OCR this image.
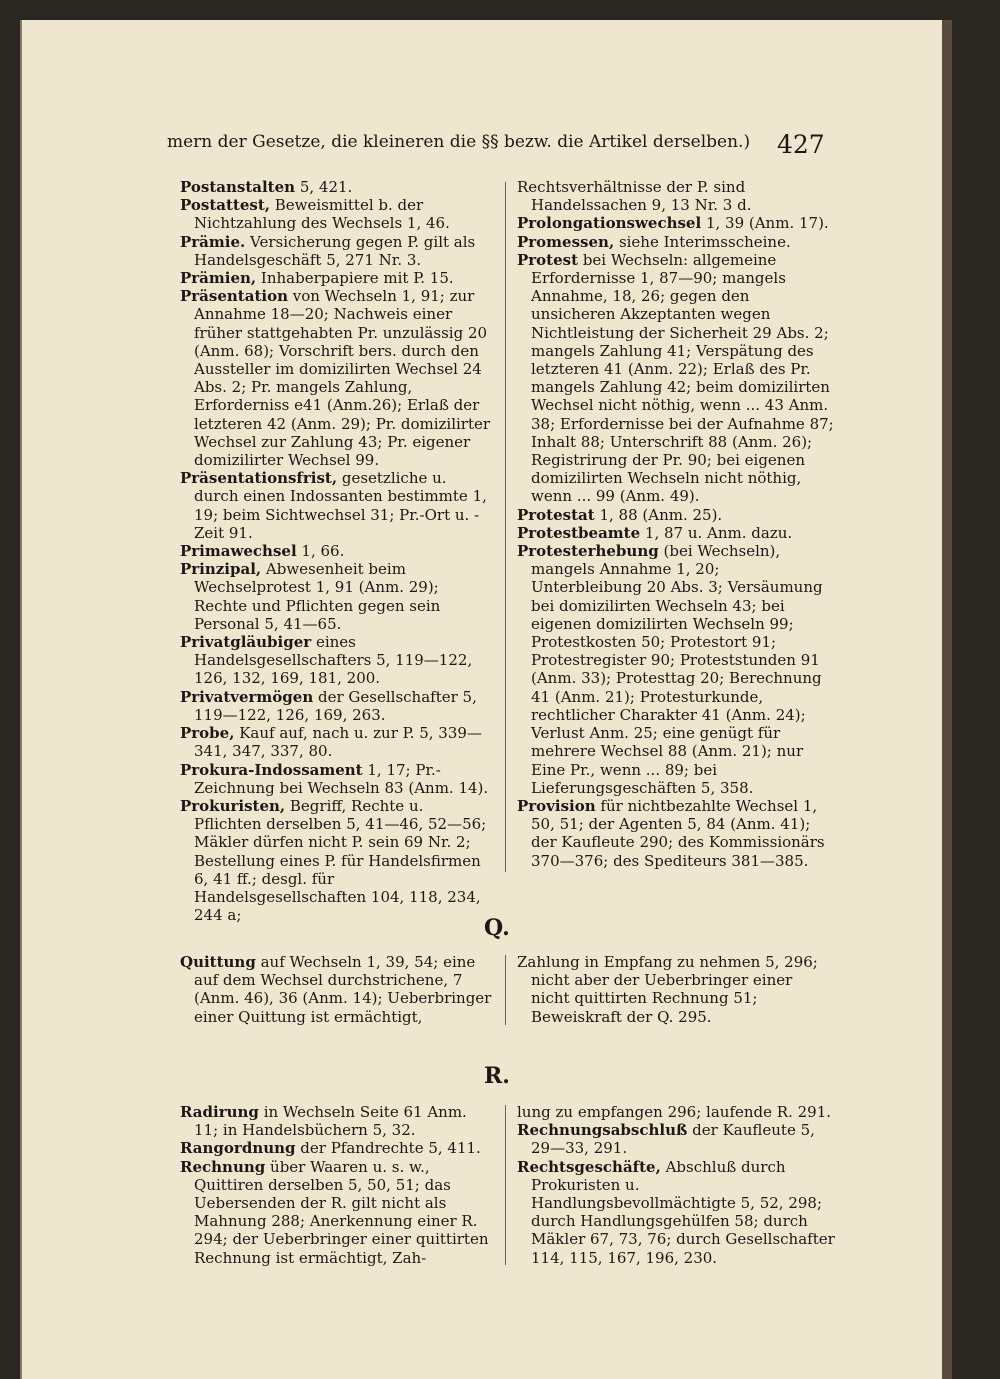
mern der Gesetze, die kleineren die §§ bezw. die Artikel derselben.)	427

Postanstalten 5, 421.

Postattest, Beweismittel b. der Nichtzahlung des Wechsels 1, 46.

Prämie. Versicherung gegen P. gilt als Handelsgeschäft 5, 271 Nr. 3.

Prämien, Inhaberpapiere mit P. 15.

Präsentation von Wechseln 1, 91; zur Annahme 18—20; Nachweis einer früher stattgehabten Pr. unzulässig 20 (Anm. 68); Vorschrift bers. durch den Aussteller im domizilirten Wechsel 24 Abs. 2; Pr. mangels Zahlung, Erforderniss e41 (Anm.26); Erlaß der letzteren 42 (Anm. 29); Pr. domizilirter Wechsel zur Zahlung 43; Pr. eigener domizilirter Wechsel 99.

Präsentationsfrist, gesetzliche u. durch einen Indossanten bestimmte 1, 19; beim Sichtwechsel 31; Pr.-Ort u. -Zeit 91.

Primawechsel 1, 66.

Prinzipal, Abwesenheit beim Wechselprotest 1, 91 (Anm. 29); Rechte und Pflichten gegen sein Personal 5, 41—65.

Privatgläubiger eines Handelsgesellschafters 5, 119—122, 126, 132, 169, 181, 200.

Privatvermögen der Gesellschafter 5, 119—122, 126, 169, 263.

Probe, Kauf auf, nach u. zur P. 5, 339—341, 347, 337, 80.

Prokura-Indossament 1, 17; Pr.-Zeichnung bei Wechseln 83 (Anm. 14).

Prokuristen, Begriff, Rechte u. Pflichten derselben 5, 41—46, 52—56; Mäkler dürfen nicht P. sein 69 Nr. 2; Bestellung eines P. für Handelsfirmen 6, 41 ff.; desgl. für Handelsgesellschaften 104, 118, 234, 244 a;

Rechtsverhältnisse der P. sind Handelssachen 9, 13 Nr. 3 d.

Prolongationswechsel 1, 39 (Anm. 17).

Promessen, siehe Interimsscheine.

Protest bei Wechseln: allgemeine Erfordernisse 1, 87—90; mangels Annahme, 18, 26; gegen den unsicheren Akzeptanten wegen Nichtleistung der Sicherheit 29 Abs. 2; mangels Zahlung 41; Verspätung des letzteren 41 (Anm. 22); Erlaß des Pr. mangels Zahlung 42; beim domizilirten Wechsel nicht nöthig, wenn ... 43 Anm. 38; Erfordernisse bei der Aufnahme 87; Inhalt 88; Unterschrift 88 (Anm. 26); Registrirung der Pr. 90; bei eigenen domizilirten Wechseln nicht nöthig, wenn ... 99 (Anm. 49).

Protestat 1, 88 (Anm. 25).

Protestbeamte 1, 87 u. Anm. dazu.

Protesterhebung (bei Wechseln), mangels Annahme 1, 20; Unterbleibung 20 Abs. 3; Versäumung bei domizilirten Wechseln 43; bei eigenen domizilirten Wechseln 99; Protestkosten 50; Protestort 91; Protestregister 90; Proteststunden 91 (Anm. 33); Protesttag 20; Berechnung 41 (Anm. 21); Protesturkunde, rechtlicher Charakter 41 (Anm. 24); Verlust Anm. 25; eine genügt für mehrere Wechsel 88 (Anm. 21); nur Eine Pr., wenn ... 89; bei Lieferungsgeschäften 5, 358.

Provision für nichtbezahlte Wechsel 1, 50, 51; der Agenten 5, 84 (Anm. 41); der Kaufleute 290; des Kommissionärs 370—376; des Spediteurs 381—385.

Q.

Quittung auf Wechseln 1, 39, 54; eine auf dem Wechsel durchstrichene, 7 (Anm. 46), 36 (Anm. 14); Ueberbringer einer Quittung ist ermächtigt,

Zahlung in Empfang zu nehmen 5, 296; nicht aber der Ueberbringer einer nicht quittirten Rechnung 51; Beweiskraft der Q. 295.

R.

Radirung in Wechseln Seite 61 Anm. 11; in Handelsbüchern 5, 32.

Rangordnung der Pfandrechte 5, 411.

Rechnung über Waaren u. s. w., Quittiren derselben 5, 50, 51; das Uebersenden der R. gilt nicht als Mahnung 288; Anerkennung einer R. 294; der Ueberbringer einer quittirten Rechnung ist ermächtigt, Zah-

lung zu empfangen 296; laufende R. 291.

Rechnungsabschluß der Kaufleute 5, 29—33, 291.

Rechtsgeschäfte, Abschluß durch Prokuristen u. Handlungsbevollmächtigte 5, 52, 298; durch Handlungsgehülfen 58; durch Mäkler 67, 73, 76; durch Gesellschafter 114, 115, 167, 196, 230.
